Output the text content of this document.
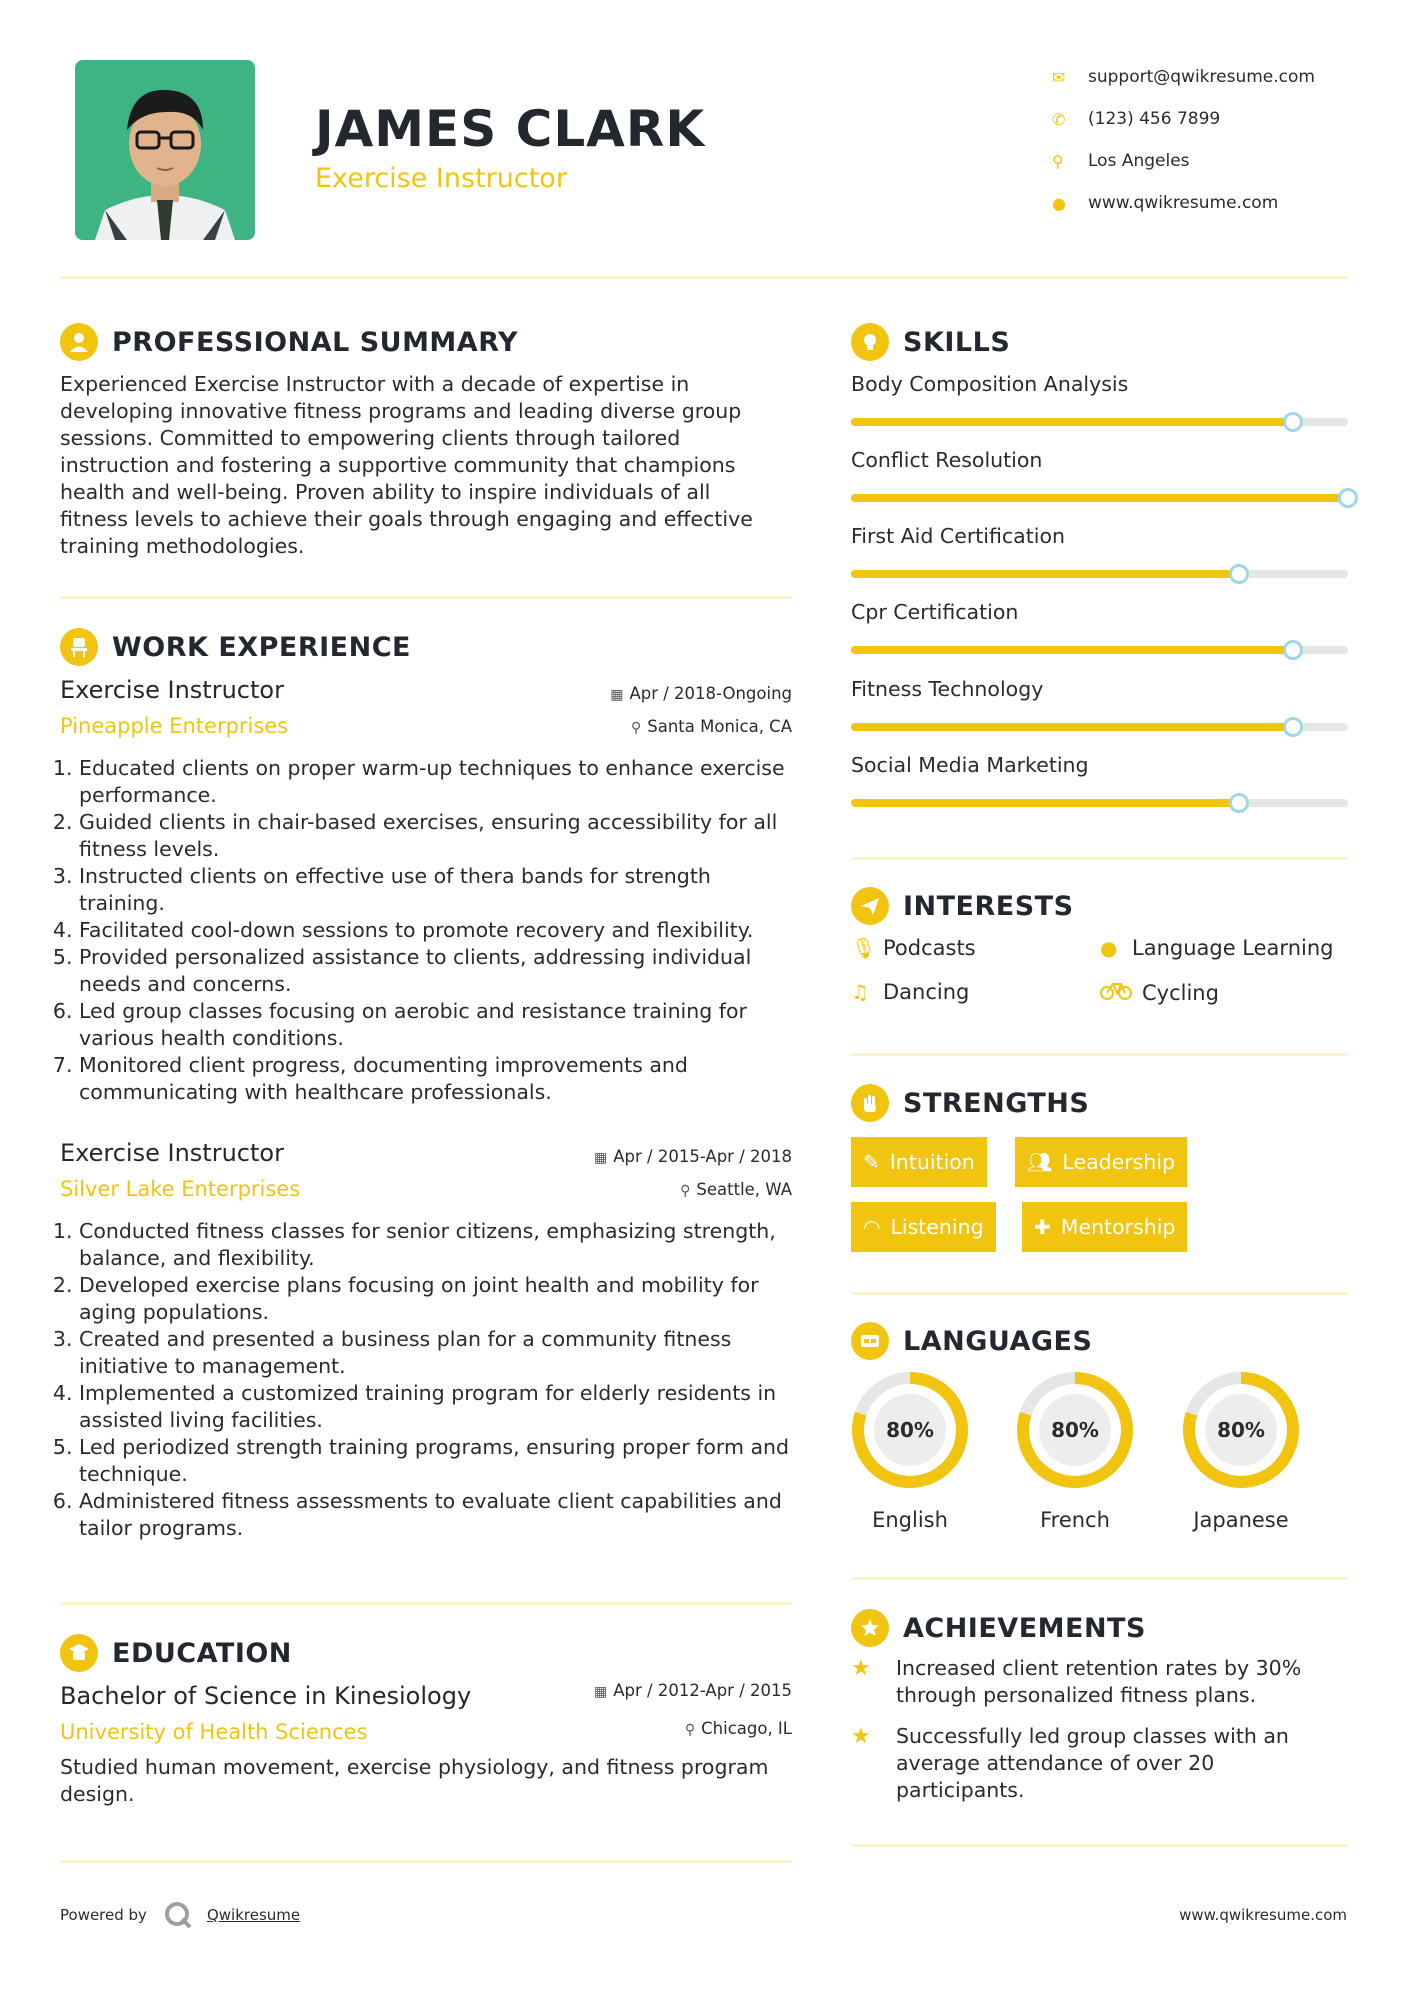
JAMES CLARK
Exercise Instructor
✉	support@qwikresume.com
✆	(123) 456 7899
⚲	Los Angeles
●	www.qwikresume.com
PROFESSIONAL SUMMARY
Experienced Exercise Instructor with a decade of expertise in developing innovative fitness programs and leading diverse group sessions. Committed to empowering clients through tailored instruction and fostering a supportive community that champions health and well-being. Proven ability to inspire individuals of all fitness levels to achieve their goals through engaging and effective training methodologies.
WORK EXPERIENCE
Exercise Instructor
Pineapple Enterprises
▦ Apr / 2018-Ongoing
⚲ Santa Monica, CA
1. Educated clients on proper warm-up techniques to enhance exercise performance.
2. Guided clients in chair-based exercises, ensuring accessibility for all fitness levels.
3. Instructed clients on effective use of thera bands for strength training.
4. Facilitated cool-down sessions to promote recovery and flexibility.
5. Provided personalized assistance to clients, addressing individual needs and concerns.
6. Led group classes focusing on aerobic and resistance training for various health conditions.
7. Monitored client progress, documenting improvements and communicating with healthcare professionals.
Exercise Instructor
Silver Lake Enterprises
▦ Apr / 2015-Apr / 2018
⚲ Seattle, WA
1. Conducted fitness classes for senior citizens, emphasizing strength, balance, and flexibility.
2. Developed exercise plans focusing on joint health and mobility for aging populations.
3. Created and presented a business plan for a community fitness initiative to management.
4. Implemented a customized training program for elderly residents in assisted living facilities.
5. Led periodized strength training programs, ensuring proper form and technique.
6. Administered fitness assessments to evaluate client capabilities and tailor programs.
EDUCATION
Bachelor of Science in Kinesiology
University of Health Sciences
▦ Apr / 2012-Apr / 2015
⚲ Chicago, IL
Studied human movement, exercise physiology, and fitness program design.
SKILLS
Body Composition Analysis
Conflict Resolution
First Aid Certification
Cpr Certification
Fitness Technology
Social Media Marketing
INTERESTS
🎙︎ Podcasts	● Language Learning
♫ Dancing	Cycling
STRENGTHS
✎ Intuition	👥︎ Leadership
◠ Listening	✚ Mentorship
LANGUAGES
80%
English
80%
French
80%
Japanese
ACHIEVEMENTS
★	Increased client retention rates by 30% through personalized fitness plans.
★	Successfully led group classes with an average attendance of over 20 participants.
Powered by	Qwikresume	www.qwikresume.com
